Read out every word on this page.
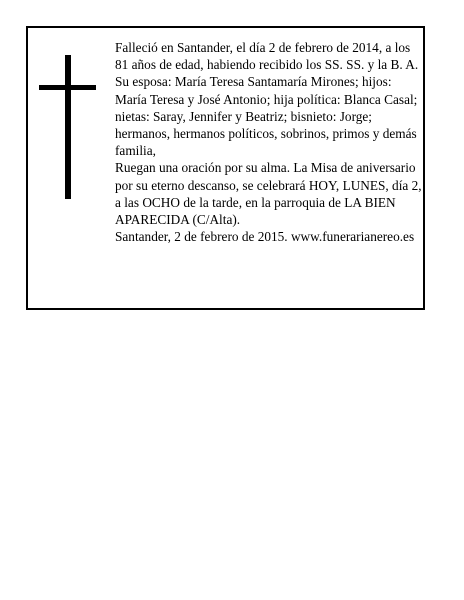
Falleció en Santander, el día 2 de febrero de 2014, a los 81 años de edad, habiendo recibido los SS. SS. y la B. A.

Su esposa: María Teresa Santamaría Mirones; hijos: María Teresa y José Antonio; hija política: Blanca Casal; nietas: Saray, Jennifer y Beatriz; bisnieto: Jorge; hermanos, hermanos políticos, sobrinos, primos y demás familia,

Ruegan una oración por su alma. La Misa de aniversario por su eterno descanso, se celebrará HOY, LUNES, día 2, a las OCHO de la tarde, en la parroquia de LA BIEN APARECIDA (C/Alta).

Santander, 2 de febrero de 2015. www.funerarianereo.es
